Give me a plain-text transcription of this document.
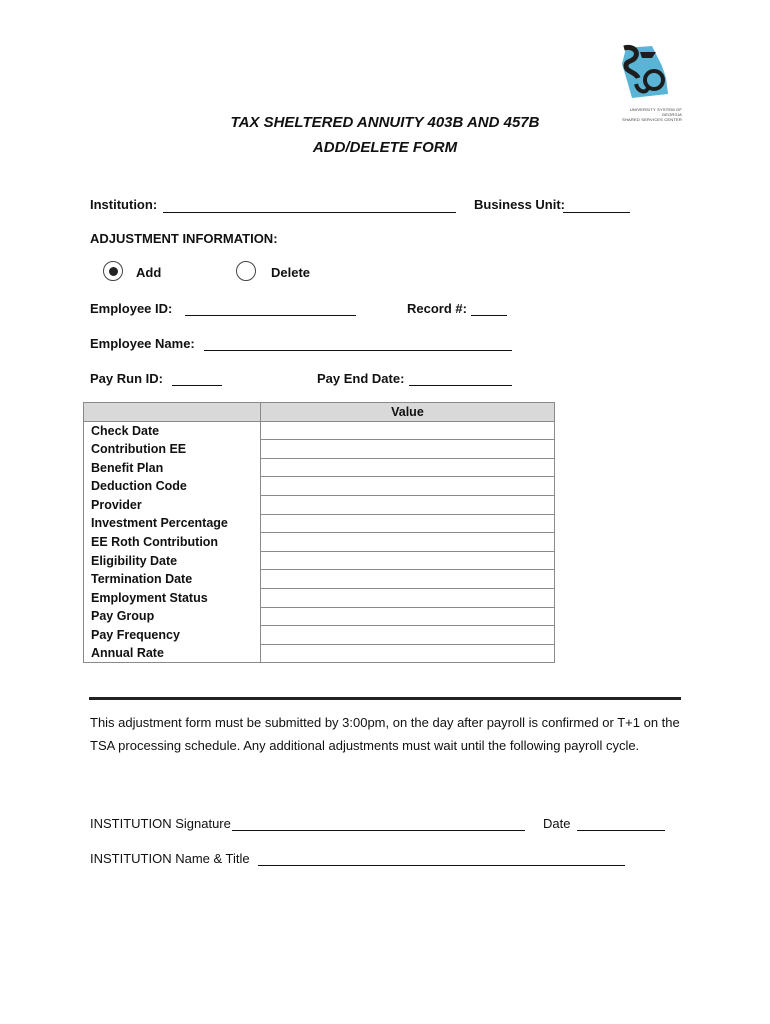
UNIVERSITY SYSTEM OF GEORGIA
SHARED SERVICES CENTER
TAX SHELTERED ANNUITY 403B AND 457B
ADD/DELETE FORM
Institution:	Business Unit:
ADJUSTMENT INFORMATION:
Add	Delete
Employee ID:	Record #:
Employee Name:
Pay Run ID:	Pay End Date:
	Value
Check Date	
Contribution EE	
Benefit Plan	
Deduction Code	
Provider	
Investment Percentage	
EE Roth Contribution	
Eligibility Date	
Termination Date	
Employment Status	
Pay Group	
Pay Frequency	
Annual Rate	
This adjustment form must be submitted by 3:00pm, on the day after payroll is confirmed or T+1 on the TSA processing schedule. Any additional adjustments must wait until the following payroll cycle.
INSTITUTION Signature	Date
INSTITUTION Name & Title
